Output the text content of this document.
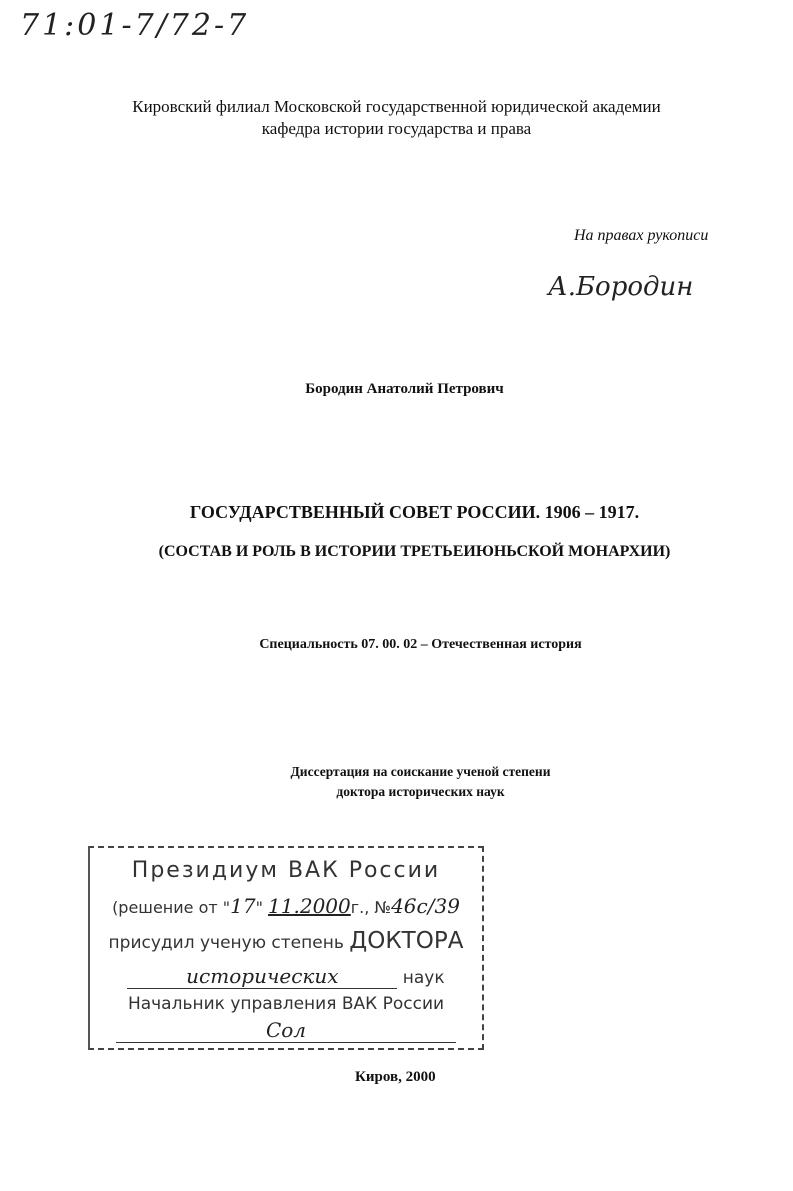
71:01-7/72-7
Кировский филиал Московской государственной юридической академии
кафедра истории государства и права
На правах рукописи
А.Бородин
Бородин Анатолий Петрович
ГОСУДАРСТВЕННЫЙ СОВЕТ РОССИИ. 1906 – 1917.
(СОСТАВ И РОЛЬ В ИСТОРИИ ТРЕТЬЕИЮНЬСКОЙ МОНАРХИИ)
Специальность 07. 00. 02 – Отечественная история
Диссертация на соискание ученой степени
доктора исторических наук
Президиум ВАК России
(решение от "17" 11.2000г., №46с/39
присудил ученую степень ДОКТОРА
исторических	наук
Начальник управления ВАК России
Сол
Киров, 2000
